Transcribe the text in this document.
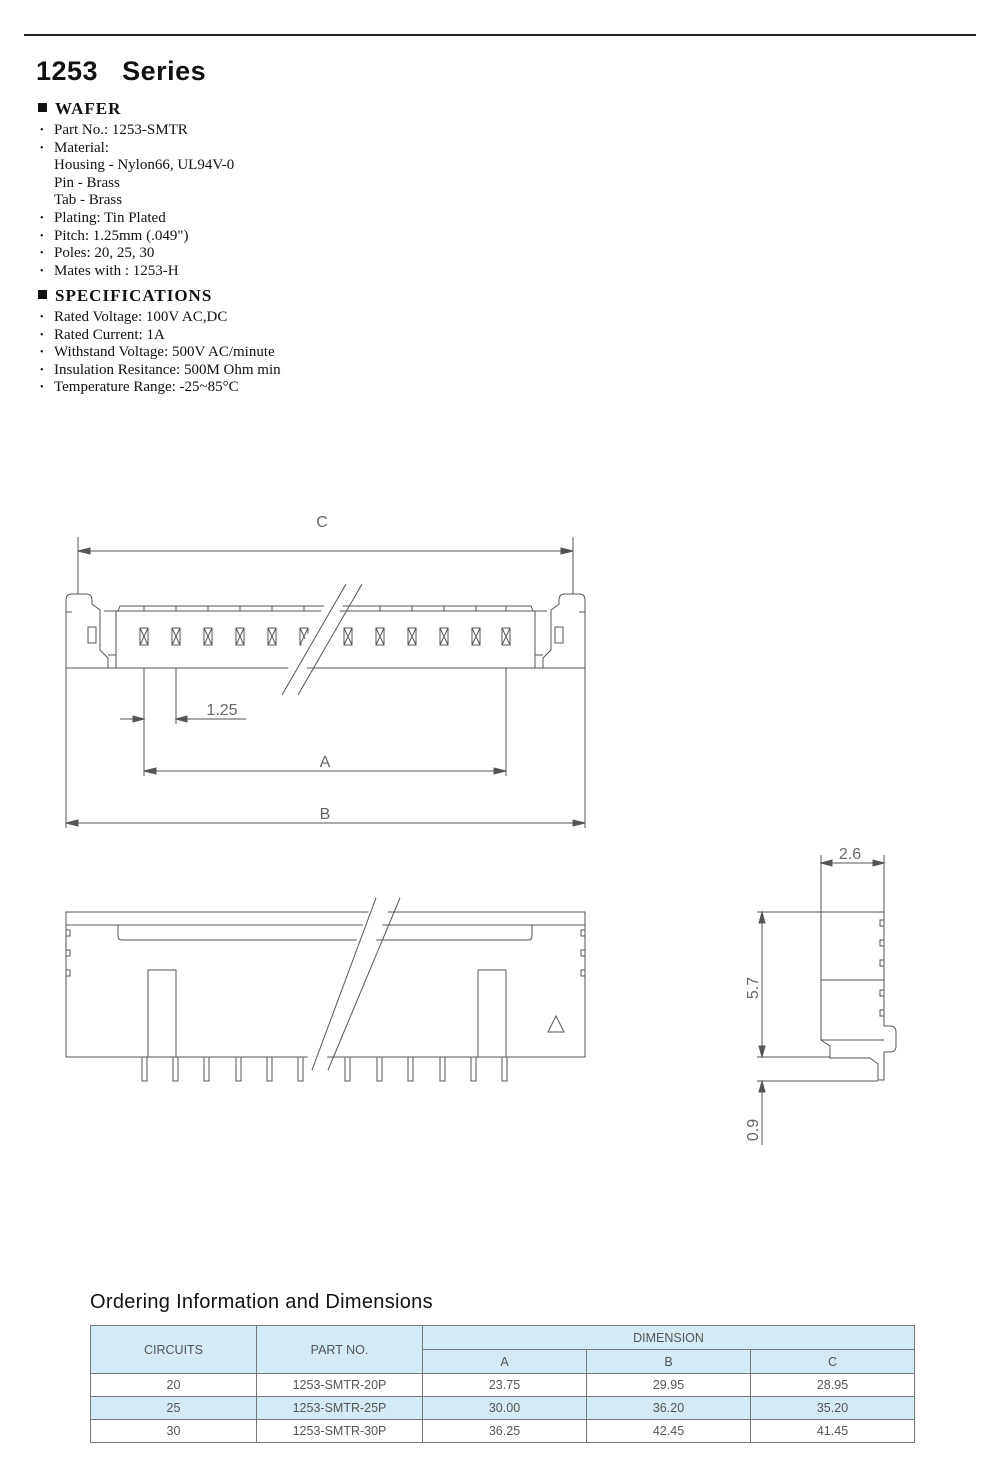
1253   Series
WAFER
• Part No.: 1253-SMTR
• Material:
Housing - Nylon66, UL94V-0
Pin - Brass
Tab - Brass
• Plating: Tin Plated
• Pitch: 1.25mm (.049")
• Poles: 20, 25, 30
• Mates with : 1253-H
SPECIFICATIONS
• Rated Voltage: 100V AC,DC
• Rated Current: 1A
• Withstand Voltage: 500V AC/minute
• Insulation Resitance: 500M Ohm min
• Temperature Range: -25~85°C
C
1.25
A
B
2.6
5.7
0.9
Ordering Information and Dimensions
CIRCUITS	PART NO.	DIMENSION		
		A	B	C
20	1253-SMTR-20P	23.75	29.95	28.95
25	1253-SMTR-25P	30.00	36.20	35.20
30	1253-SMTR-30P	36.25	42.45	41.45
